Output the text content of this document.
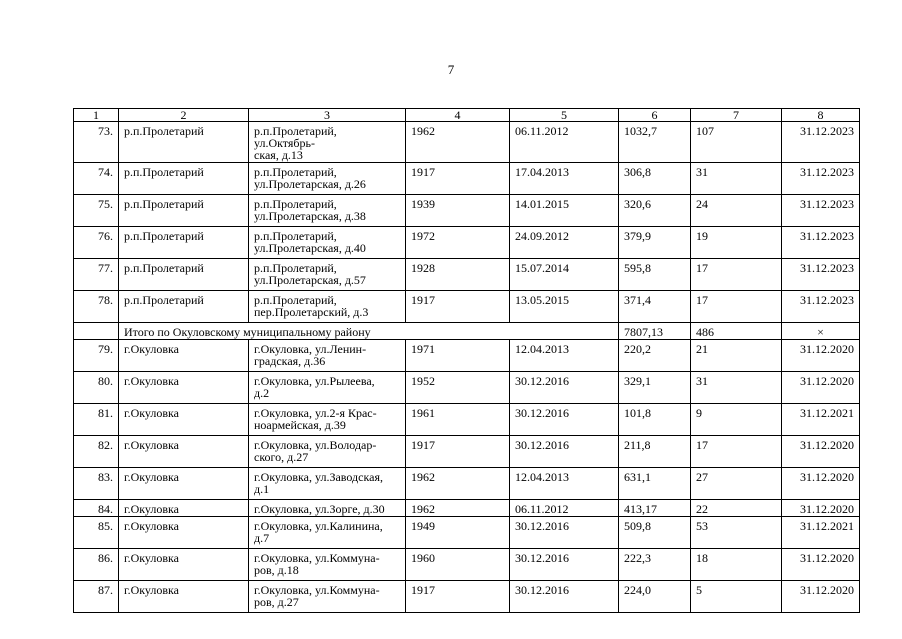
7
1	2	3	4	5	6	7	8
73.	р.п.Пролетарий	р.п.Пролетарий, ул.Октябрь-
ская, д.13	1962	06.11.2012	1032,7	107	31.12.2023
74.	р.п.Пролетарий	р.п.Пролетарий,
ул.Пролетарская, д.26	1917	17.04.2013	306,8	31	31.12.2023
75.	р.п.Пролетарий	р.п.Пролетарий,
ул.Пролетарская, д.38	1939	14.01.2015	320,6	24	31.12.2023
76.	р.п.Пролетарий	р.п.Пролетарий,
ул.Пролетарская, д.40	1972	24.09.2012	379,9	19	31.12.2023
77.	р.п.Пролетарий	р.п.Пролетарий,
ул.Пролетарская, д.57	1928	15.07.2014	595,8	17	31.12.2023
78.	р.п.Пролетарий	р.п.Пролетарий,
пер.Пролетарский, д.3	1917	13.05.2015	371,4	17	31.12.2023
	Итого по Окуловскому муниципальному району				7807,13	486	×
79.	г.Окуловка	г.Окуловка, ул.Ленин-
градская, д.36	1971	12.04.2013	220,2	21	31.12.2020
80.	г.Окуловка	г.Окуловка, ул.Рылеева,
д.2	1952	30.12.2016	329,1	31	31.12.2020
81.	г.Окуловка	г.Окуловка, ул.2-я Крас-
ноармейская, д.39	1961	30.12.2016	101,8	9	31.12.2021
82.	г.Окуловка	г.Окуловка, ул.Володар-
ского, д.27	1917	30.12.2016	211,8	17	31.12.2020
83.	г.Окуловка	г.Окуловка, ул.Заводская,
д.1	1962	12.04.2013	631,1	27	31.12.2020
84.	г.Окуловка	г.Окуловка, ул.Зорге, д.30	1962	06.11.2012	413,17	22	31.12.2020
85.	г.Окуловка	г.Окуловка, ул.Калинина,
д.7	1949	30.12.2016	509,8	53	31.12.2021
86.	г.Окуловка	г.Окуловка, ул.Коммуна-
ров, д.18	1960	30.12.2016	222,3	18	31.12.2020
87.	г.Окуловка	г.Окуловка, ул.Коммуна-
ров, д.27	1917	30.12.2016	224,0	5	31.12.2020
